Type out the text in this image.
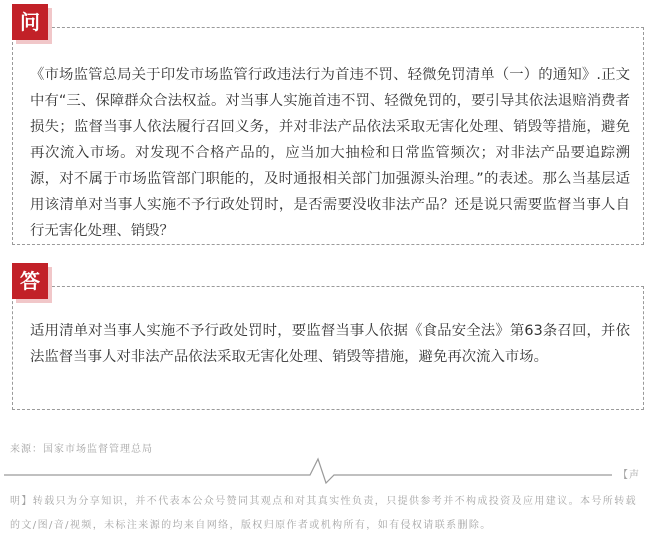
问

《市场监管总局关于印发市场监管行政违法行为首违不罚、轻微免罚清单（一）的通知》.正文中有“三、保障群众合法权益。对当事人实施首违不罚、轻微免罚的，要引导其依法退赔消费者损失；监督当事人依法履行召回义务，并对非法产品依法采取无害化处理、销毁等措施，避免再次流入市场。对发现不合格产品的，应当加大抽检和日常监管频次；对非法产品要追踪溯源，对不属于市场监管部门职能的，及时通报相关部门加强源头治理。”的表述。那么当基层适用该清单对当事人实施不予行政处罚时，是否需要没收非法产品？还是说只需要监督当事人自行无害化处理、销毁？

答

适用清单对当事人实施不予行政处罚时，要监督当事人依据《食品安全法》第63条召回，并依法监督当事人对非法产品依法采取无害化处理、销毁等措施，避免再次流入市场。

来源：国家市场监督管理总局
【声

明】转载只为分享知识，并不代表本公众号赞同其观点和对其真实性负责，只提供参考并不构成投资及应用建议。本号所转载的文/图/音/视频，未标注来源的均来自网络，版权归原作者或机构所有，如有侵权请联系删除。
